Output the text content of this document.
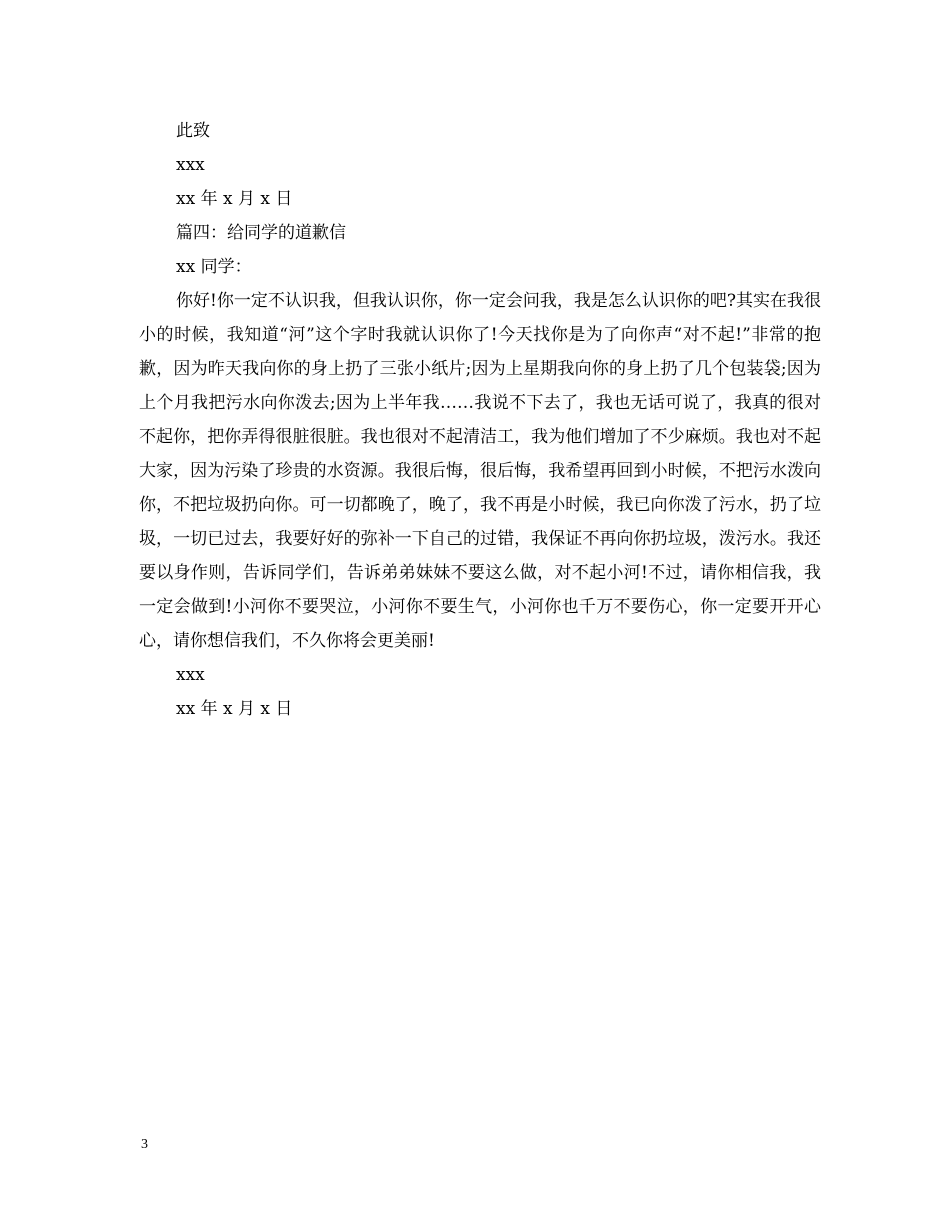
此致
xxx
xx 年 x 月 x 日
篇四：给同学的道歉信
xx 同学：

你好!你一定不认识我，但我认识你，你一定会问我，我是怎么认识你的吧?其实在我很小的时候，我知道“河”这个字时我就认识你了!今天找你是为了向你声“对不起!”非常的抱歉，因为昨天我向你的身上扔了三张小纸片;因为上星期我向你的身上扔了几个包装袋;因为上个月我把污水向你泼去;因为上半年我……我说不下去了，我也无话可说了，我真的很对不起你，把你弄得很脏很脏。我也很对不起清洁工，我为他们增加了不少麻烦。我也对不起大家，因为污染了珍贵的水资源。我很后悔，很后悔，我希望再回到小时候，不把污水泼向你，不把垃圾扔向你。可一切都晚了，晚了，我不再是小时候，我已向你泼了污水，扔了垃圾，一切已过去，我要好好的弥补一下自己的过错，我保证不再向你扔垃圾，泼污水。我还要以身作则，告诉同学们，告诉弟弟妹妹不要这么做，对不起小河!不过，请你相信我，我一定会做到!小河你不要哭泣，小河你不要生气，小河你也千万不要伤心，你一定要开开心心，请你想信我们，不久你将会更美丽!

xxx
xx 年 x 月 x 日
3
